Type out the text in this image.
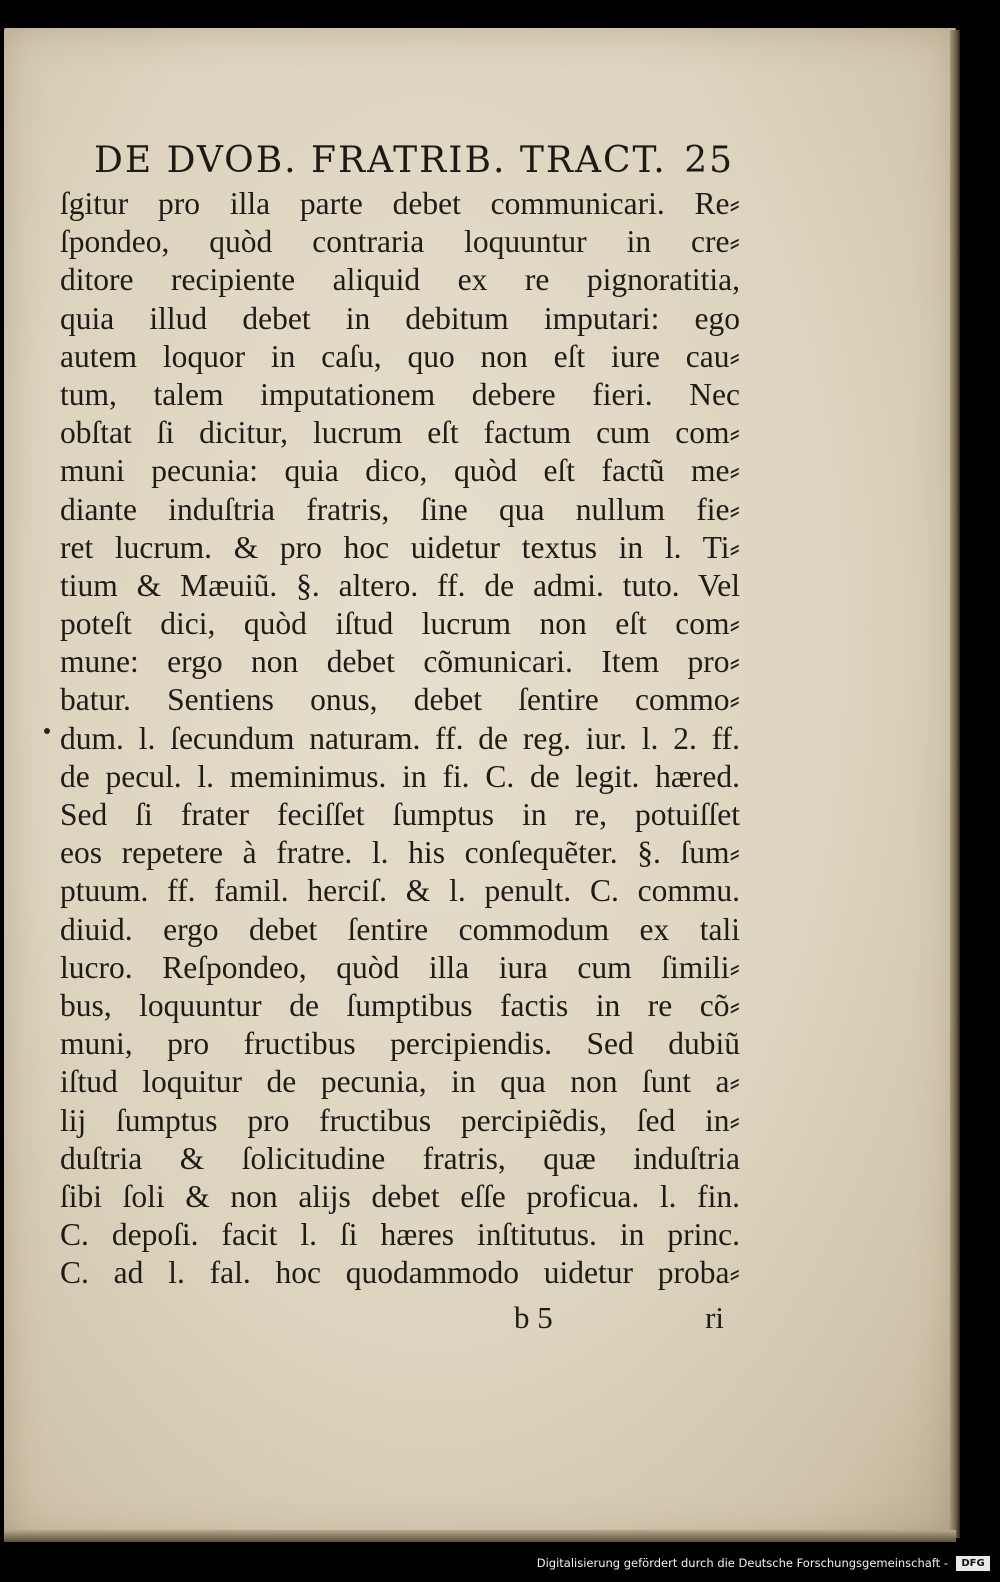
DE DVOB. FRATRIB. TRACT. 25
ſgitur pro illa parte debet communicari. Re⸗
ſpondeo, quòd contraria loquuntur in cre⸗
ditore recipiente aliquid ex re pignoratitia,
quia illud debet in debitum imputari: ego
autem loquor in caſu, quo non eſt iure cau⸗
tum, talem imputationem debere fieri. Nec
obſtat ſi dicitur, lucrum eſt factum cum com⸗
muni pecunia: quia dico, quòd eſt factũ me⸗
diante induſtria fratris, ſine qua nullum fie⸗
ret lucrum. & pro hoc uidetur textus in l. Ti⸗
tium & Mæuiũ. §. altero. ff. de admi. tuto. Vel
poteſt dici, quòd iſtud lucrum non eſt com⸗
mune: ergo non debet cõmunicari. Item pro⸗
batur. Sentiens onus, debet ſentire commo⸗
dum. l. ſecundum naturam. ff. de reg. iur. l. 2. ff.
de pecul. l. meminimus. in fi. C. de legit. hæred.
Sed ſi frater feciſſet ſumptus in re, potuiſſet
eos repetere à fratre. l. his conſequẽter. §. ſum⸗
ptuum. ff. famil. herciſ. & l. penult. C. commu.
diuid. ergo debet ſentire commodum ex tali
lucro. Reſpondeo, quòd illa iura cum ſimili⸗
bus, loquuntur de ſumptibus factis in re cõ⸗
muni, pro fructibus percipiendis. Sed dubiũ
iſtud loquitur de pecunia, in qua non ſunt a⸗
lij ſumptus pro fructibus percipiẽdis, ſed in⸗
duſtria & ſolicitudine fratris, quæ induſtria
ſibi ſoli & non alijs debet eſſe proficua. l. fin.
C. depoſi. facit l. ſi hæres inſtitutus. in princ.
C. ad l. fal. hoc quodammodo uidetur proba⸗
b 5	ri
Digitalisierung gefördert durch die Deutsche Forschungsgemeinschaft -	DFG
